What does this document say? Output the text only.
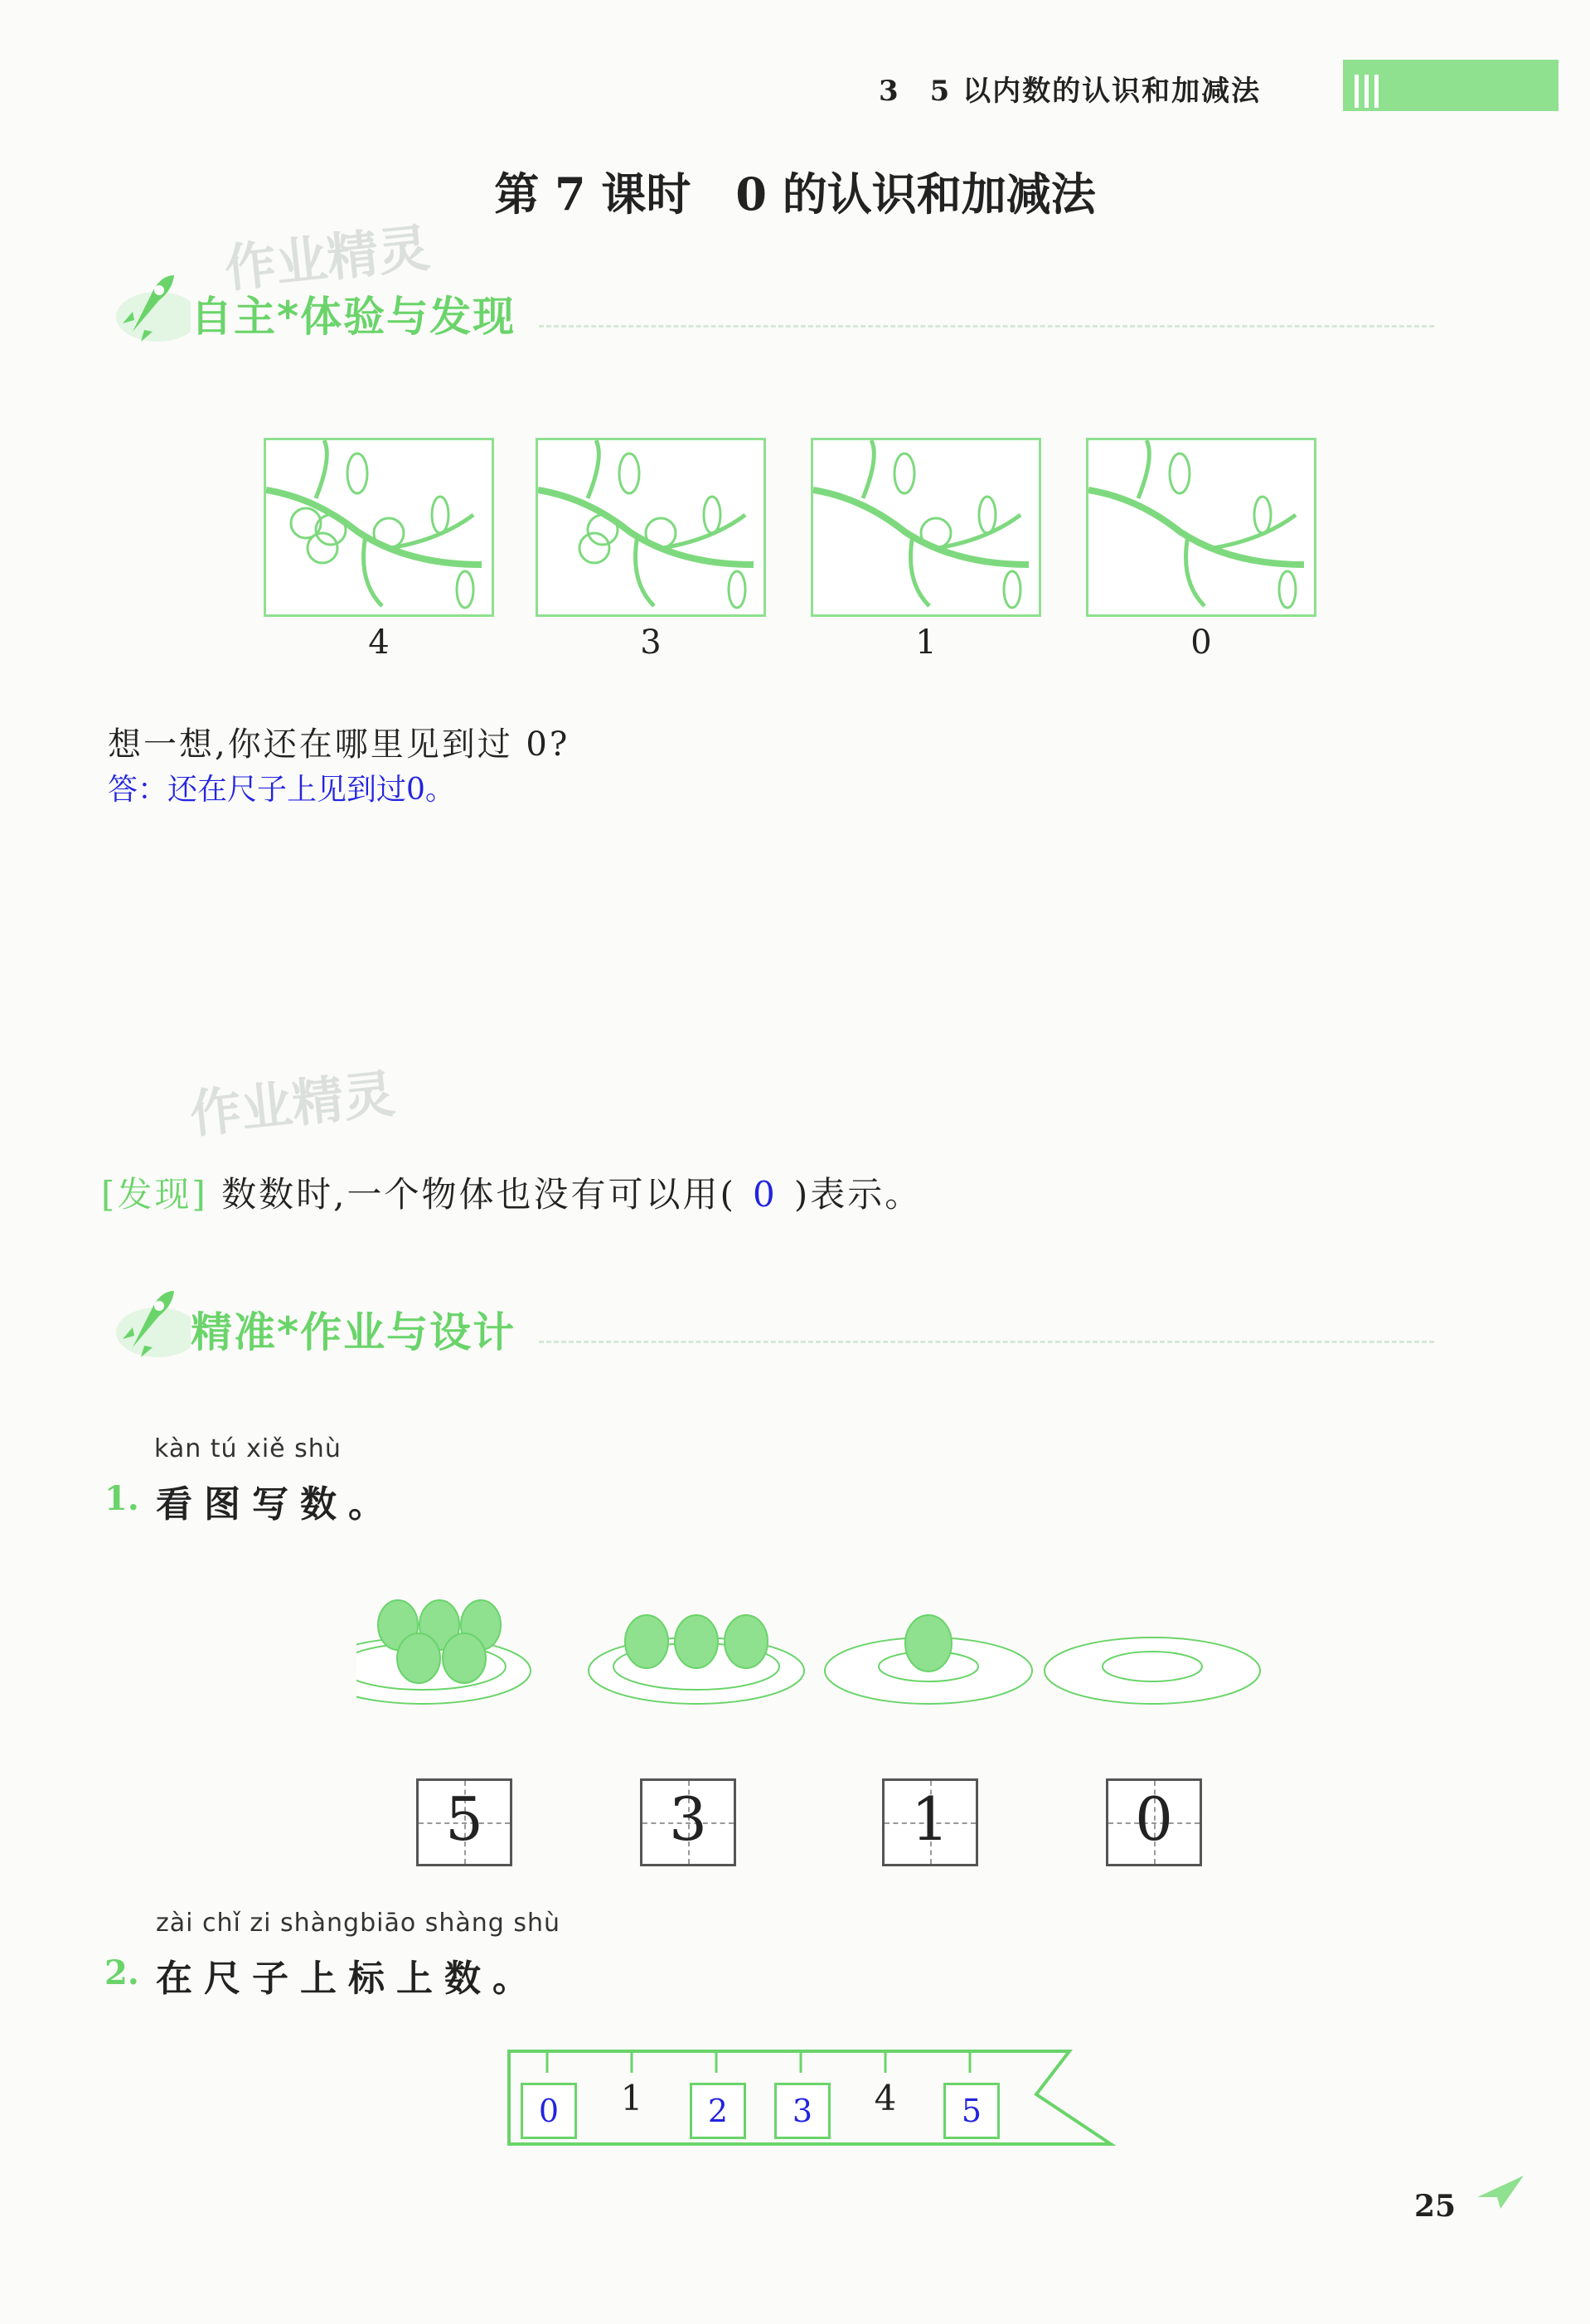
3　5 以内数的认识和加减法
第 7 课时　0 的认识和加减法
作业精灵
自主*体验与发现
4	3	1	0
想一想,你还在哪里见到过 0?
答：还在尺子上见到过0。
作业精灵
[发现] 数数时,一个物体也没有可以用( 0 )表示。
精准*作业与设计
kàn tú xiě shù
1. 看图写数。
5	3	1	0
zài chǐ zi shàngbiāo shàng shù
2. 在尺子上标上数。
0	1	2	3	4	5
25
